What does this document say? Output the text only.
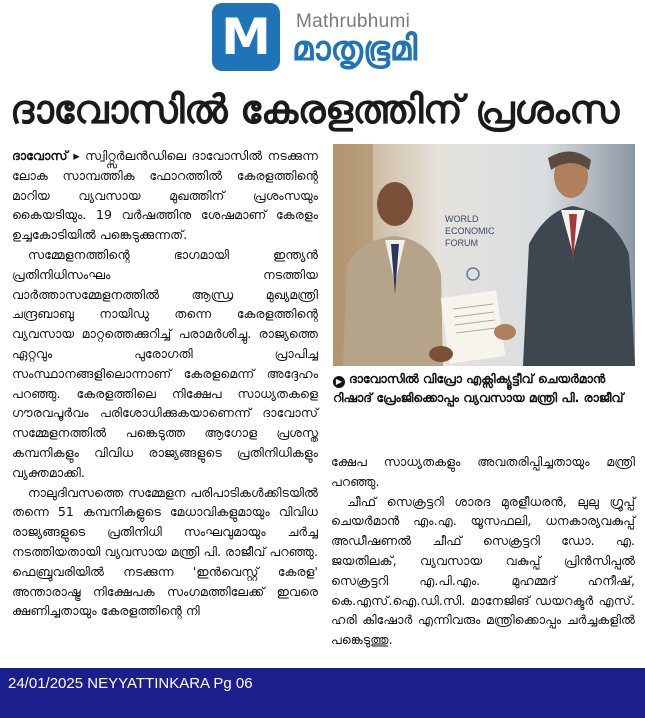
M Mathrubhumi
മാതൃഭൂമി
ദാവോസിൽ കേരളത്തിന് പ്രശംസ

ദാവോസ് ▸ സ്വിറ്റ്സർലൻഡിലെ ദാവോസിൽ നടക്കുന്ന ലോക സാമ്പത്തിക ഫോറത്തിൽ കേരളത്തിന്റെ മാറിയ വ്യവസായ മുഖത്തിന് പ്രശംസയും കൈയടിയും. 19 വർഷത്തിനു ശേഷമാണ് കേരളം ഉച്ചകോടിയിൽ പങ്കെടുക്കുന്നത്.

സമ്മേളനത്തിന്റെ ഭാഗമായി ഇന്ത്യൻ പ്രതിനിധിസംഘം നടത്തിയ വാർത്താസമ്മേളനത്തിൽ ആന്ധ്ര മുഖ്യമന്ത്രി ചന്ദ്രബാബു നായിഡു തന്നെ കേരളത്തിന്റെ വ്യവസായ മാറ്റത്തെക്കുറിച്ച് പരാമർശിച്ചു. രാജ്യത്തെ ഏറ്റവും പുരോഗതി പ്രാപിച്ച സംസ്ഥാനങ്ങളിലൊന്നാണ് കേരളമെന്ന് അദ്ദേഹം പറഞ്ഞു. കേരളത്തിലെ നിക്ഷേപ സാധ്യതകളെ ഗൗരവപൂർവം പരിശോധിക്കുകയാണെന്ന് ദാവോസ് സമ്മേളനത്തിൽ പങ്കെടുത്ത ആഗോള പ്രശസ്ത കമ്പനികളും വിവിധ രാജ്യങ്ങളുടെ പ്രതിനിധികളും വ്യക്തമാക്കി.

നാലുദിവസത്തെ സമ്മേളന പരിപാടികൾക്കിടയിൽ തന്നെ 51 കമ്പനികളുടെ മേധാവികളുമായും വിവിധ രാജ്യങ്ങളുടെ പ്രതിനിധി സംഘവുമായും ചർച്ച നടത്തിയതായി വ്യവസായ മന്ത്രി പി. രാജീവ് പറഞ്ഞു. ഫെബ്രുവരിയിൽ നടക്കുന്ന 'ഇൻവെസ്റ്റ് കേരള' അന്താരാഷ്ട്ര നിക്ഷേപക സംഗമത്തിലേക്ക് ഇവരെ ക്ഷണിച്ചതായും കേരളത്തിന്റെ നി

WORLD
ECONOMIC
FORUM
▶ ദാവോസിൽ വിപ്രോ എക്സിക്യൂട്ടീവ് ചെയർമാൻ റിഷാദ് പ്രേംജിക്കൊപ്പം വ്യവസായ മന്ത്രി പി. രാജീവ്

ക്ഷേപ സാധ്യതകളും അവതരിപ്പിച്ചതായും മന്ത്രി പറഞ്ഞു.

ചീഫ് സെക്രട്ടറി ശാരദ മുരളീധരൻ, ലുലു ഗ്രൂപ്പ് ചെയർമാൻ എം.എ. യൂസഫലി, ധനകാര്യവകുപ്പ് അഡീഷണൽ ചീഫ് സെക്രട്ടറി ഡോ. എ. ജയതിലക്, വ്യവസായ വകുപ്പ് പ്രിൻസിപ്പൽ സെക്രട്ടറി എ.പി.എം. മുഹമ്മദ് ഹനീഷ്, കെ.എസ്.ഐ.ഡി.സി. മാനേജിങ് ഡയറക്ടർ എസ്. ഹരി കിഷോർ എന്നിവരും മന്ത്രിക്കൊപ്പം ചർച്ചകളിൽ പങ്കെടുത്തു.

24/01/2025 NEYYATTINKARA Pg 06
